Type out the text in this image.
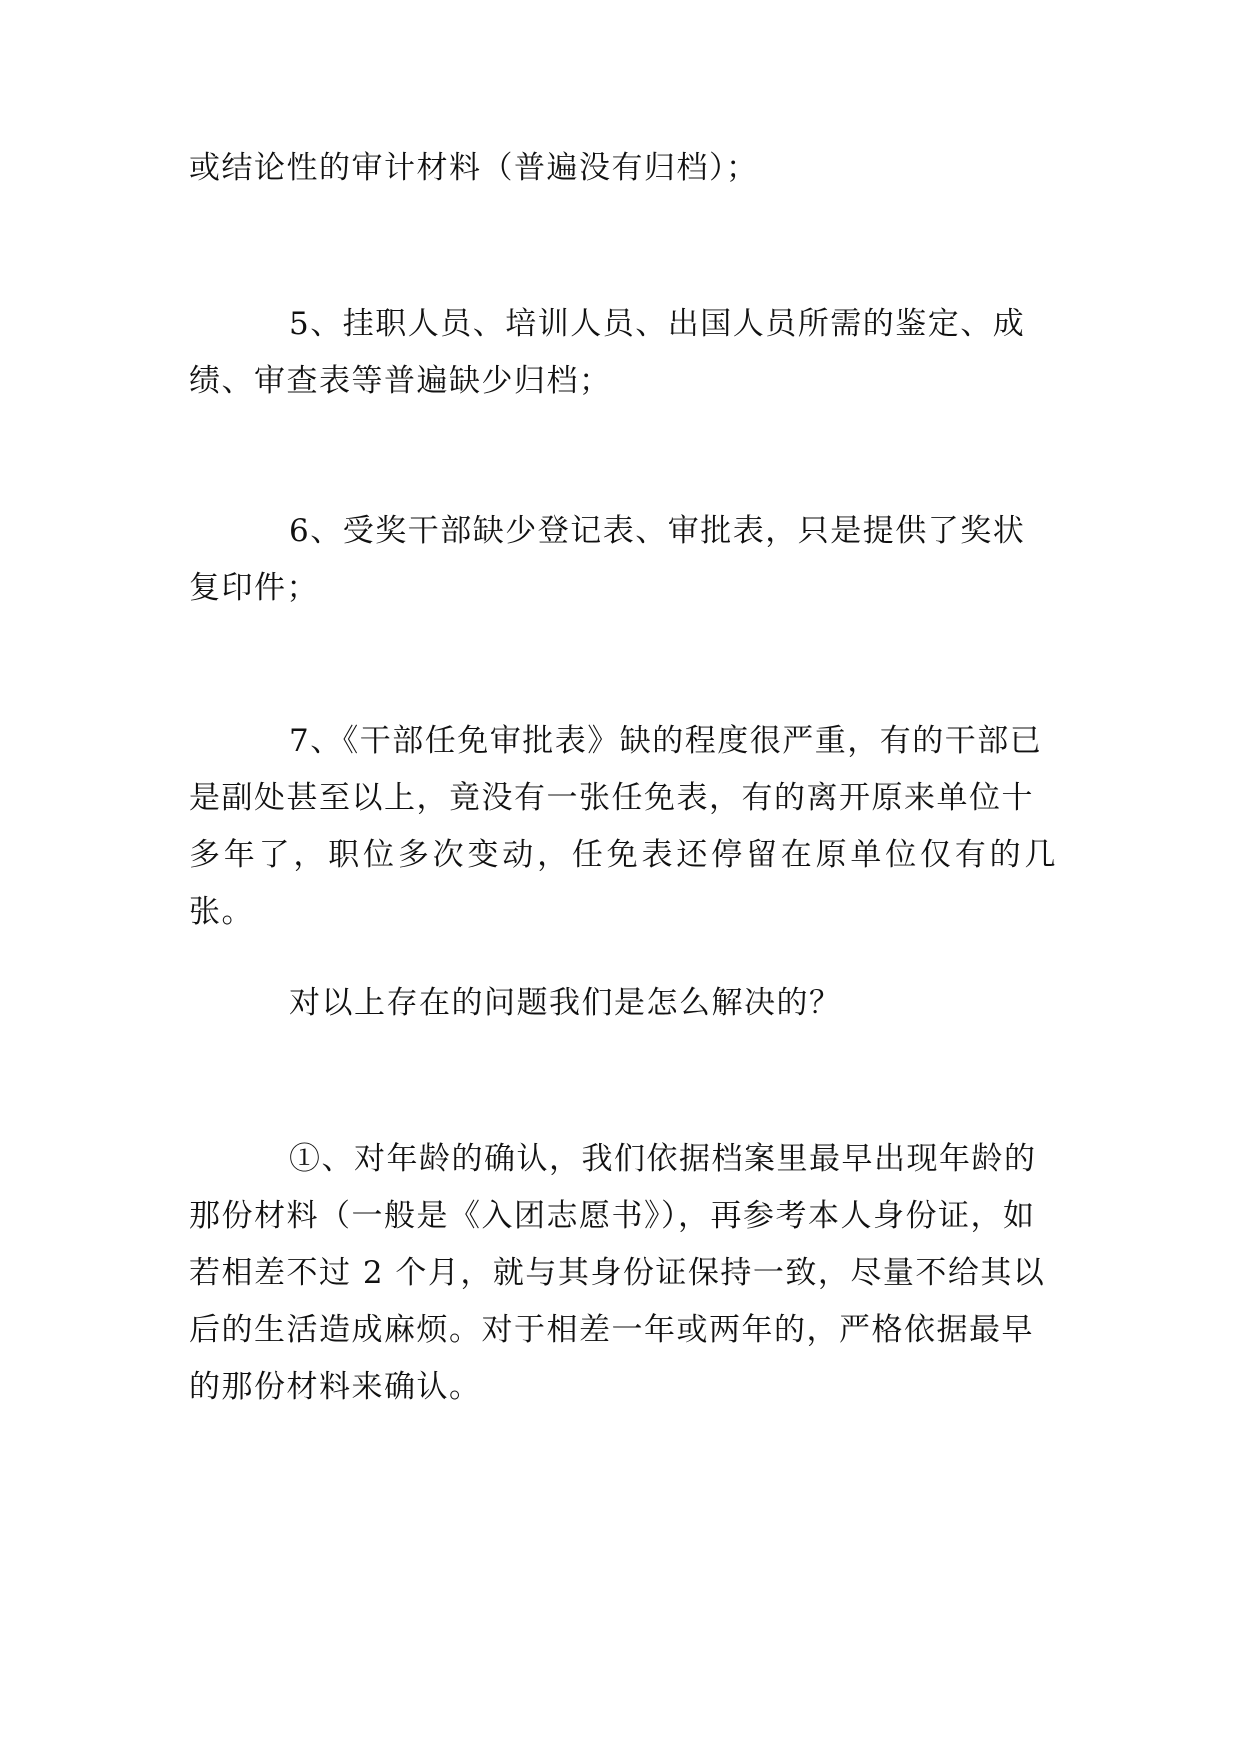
或结论性的审计材料（普遍没有归档）；

5、挂职人员、培训人员、出国人员所需的鉴定、成
绩、审查表等普遍缺少归档；

6、受奖干部缺少登记表、审批表，只是提供了奖状
复印件；

7、《干部任免审批表》缺的程度很严重，有的干部已
是副处甚至以上，竟没有一张任免表，有的离开原来单位十
多年了，职位多次变动，任免表还停留在原单位仅有的几张。

对以上存在的问题我们是怎么解决的？

①、对年龄的确认，我们依据档案里最早出现年龄的
那份材料（一般是《入团志愿书》），再参考本人身份证，如
若相差不过 2 个月，就与其身份证保持一致，尽量不给其以
后的生活造成麻烦。对于相差一年或两年的，严格依据最早
的那份材料来确认。
